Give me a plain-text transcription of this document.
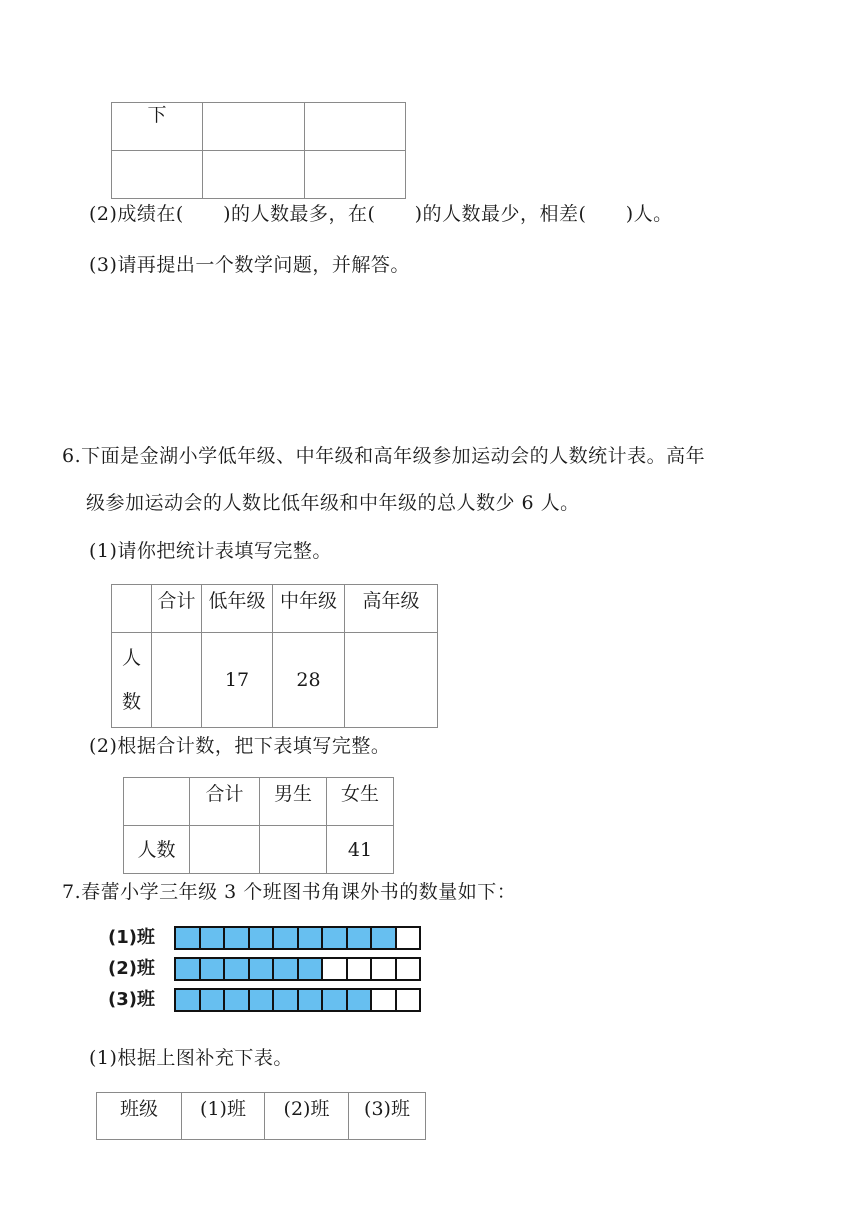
下		

(2)成绩在(      )的人数最多，在(      )的人数最少，相差(      )人。
(3)请再提出一个数学问题，并解答。
6.下面是金湖小学低年级、中年级和高年级参加运动会的人数统计表。高年
级参加运动会的人数比低年级和中年级的总人数少 6 人。
(1)请你把统计表填写完整。
	合计	低年级	中年级	高年级

人
数		17	28	
(2)根据合计数，把下表填写完整。
	合计	男生	女生
人数			41
7.春蕾小学三年级 3 个班图书角课外书的数量如下：
(1)班
(2)班
(3)班
(1)根据上图补充下表。
班级	(1)班	(2)班	(3)班
